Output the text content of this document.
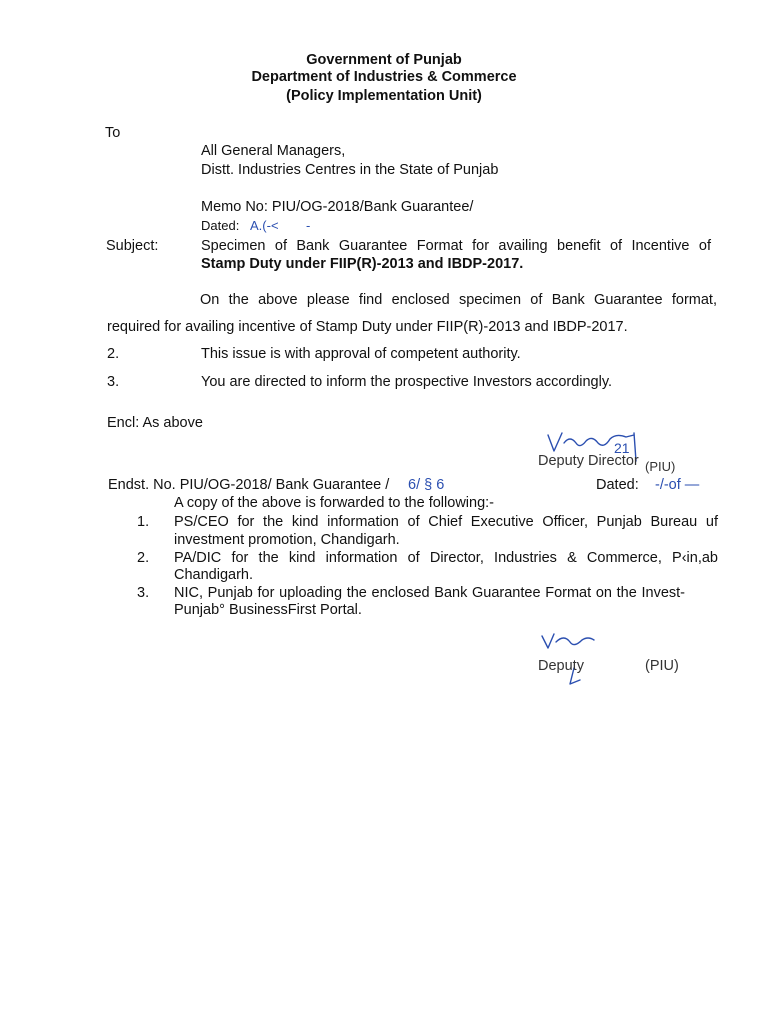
Government of Punjab
Department of Industries & Commerce
(Policy Implementation Unit)
To
All General Managers,
Distt. Industries Centres in the State of Punjab
Memo No: PIU/OG-2018/Bank Guarantee/
Dated: A.(-< -
Subject:	Specimen of Bank Guarantee Format for availing benefit of Incentive of
Stamp Duty under FIIP(R)-2013 and IBDP-2017.
On the above please find enclosed specimen of Bank Guarantee format,
required for availing incentive of Stamp Duty under FIIP(R)-2013 and IBDP-2017.
2.	This issue is with approval of competent authority.
3.	You are directed to inform the prospective Investors accordingly.
Encl: As above
21
Deputy Director (PIU)
Endst. No. PIU/OG-2018/ Bank Guarantee / 6/ § 6	Dated: -/-of —
A copy of the above is forwarded to the following:-
1. PS/CEO for the kind information of Chief Executive Officer, Punjab Bureau uf
investment promotion, Chandigarh.
2. PA/DIC for the kind information of Director, Industries & Commerce, P‹in,ab
Chandigarh.
3. NIC, Punjab for uploading the enclosed Bank Guarantee Format on the Invest-
Punjab° BusinessFirst Portal.
Deputy	(PIU)
